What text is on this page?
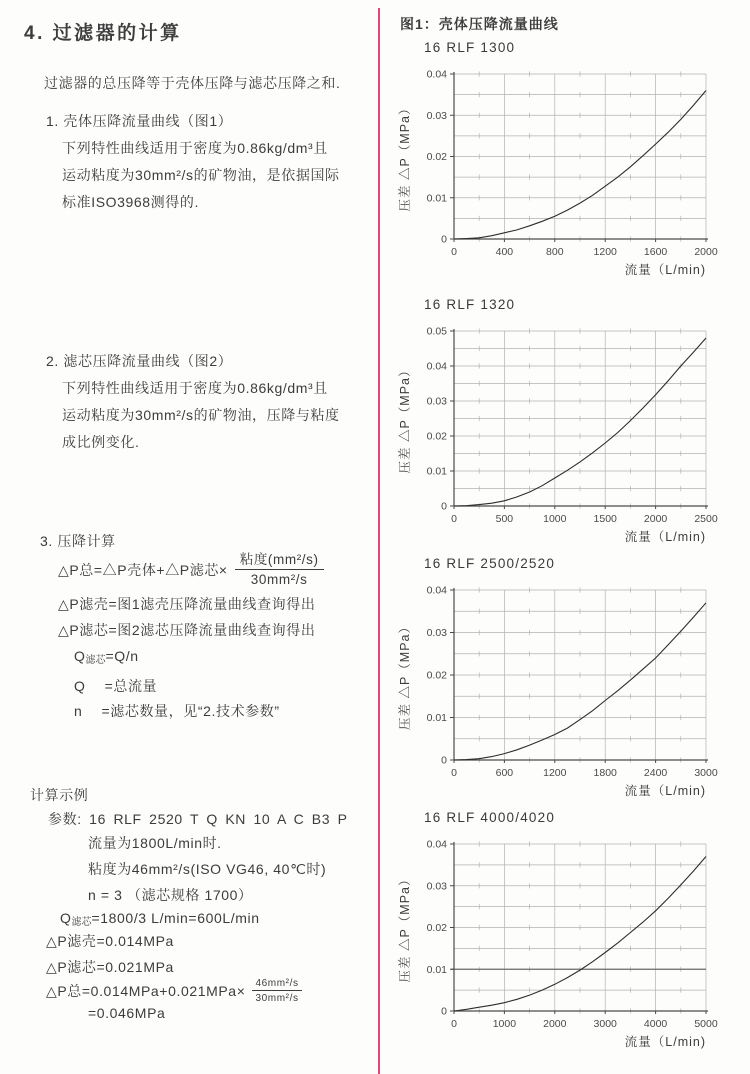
4. 过滤器的计算
过滤器的总压降等于壳体压降与滤芯压降之和.
1. 壳体压降流量曲线（图1）
下列特性曲线适用于密度为0.86kg/dm³且
运动粘度为30mm²/s的矿物油，是依据国际
标准ISO3968测得的.
2. 滤芯压降流量曲线（图2）
下列特性曲线适用于密度为0.86kg/dm³且
运动粘度为30mm²/s的矿物油，压降与粘度
成比例变化.
3. 压降计算
△P总=△P壳体+△P滤芯× $\frac{\text{粘度(mm²/s)}}{\text{30mm²/s}}$
△P滤壳=图1滤壳压降流量曲线查询得出
△P滤芯=图2滤芯压降流量曲线查询得出
$Q_{滤芯}=Q/n$
Q　 =总流量
n　 =滤芯数量，见“2.技术参数”
计算示例
参数: 16 RLF 2520 T Q KN 10 A C B3 P
流量为1800L/min时.
粘度为46mm²/s(ISO VG46, 40℃时)
n = 3 （滤芯规格 1700）
$Q_{滤芯}=1800/3$ L/min=600L/min
△P滤壳=0.014MPa
△P滤芯=0.021MPa
△P总$=0.014MPa+0.021MPa\times \frac{\text{46mm²/s}}{\text{30mm²/s}}$
=0.046MPa
图1：壳体压降流量曲线
16 RLF 1300
0
0.01
0.02
0.03
0.04
0	400	800	1200	1600	2000
压差 △P（MPa）
流量（L/min)
16 RLF 1320
0
0.01
0.02
0.03
0.04
0.05
0	500	1000	1500	2000	2500
压差 △P（MPa）
流量（L/min)
16 RLF 2500/2520
0
0.01
0.02
0.03
0.04
0	600	1200	1800	2400	3000
压差 △P（MPa）
流量（L/min)
16 RLF 4000/4020
0
0.01
0.02
0.03
0.04
0	1000	2000	3000	4000	5000
压差 △P（MPa）
流量（L/min)
